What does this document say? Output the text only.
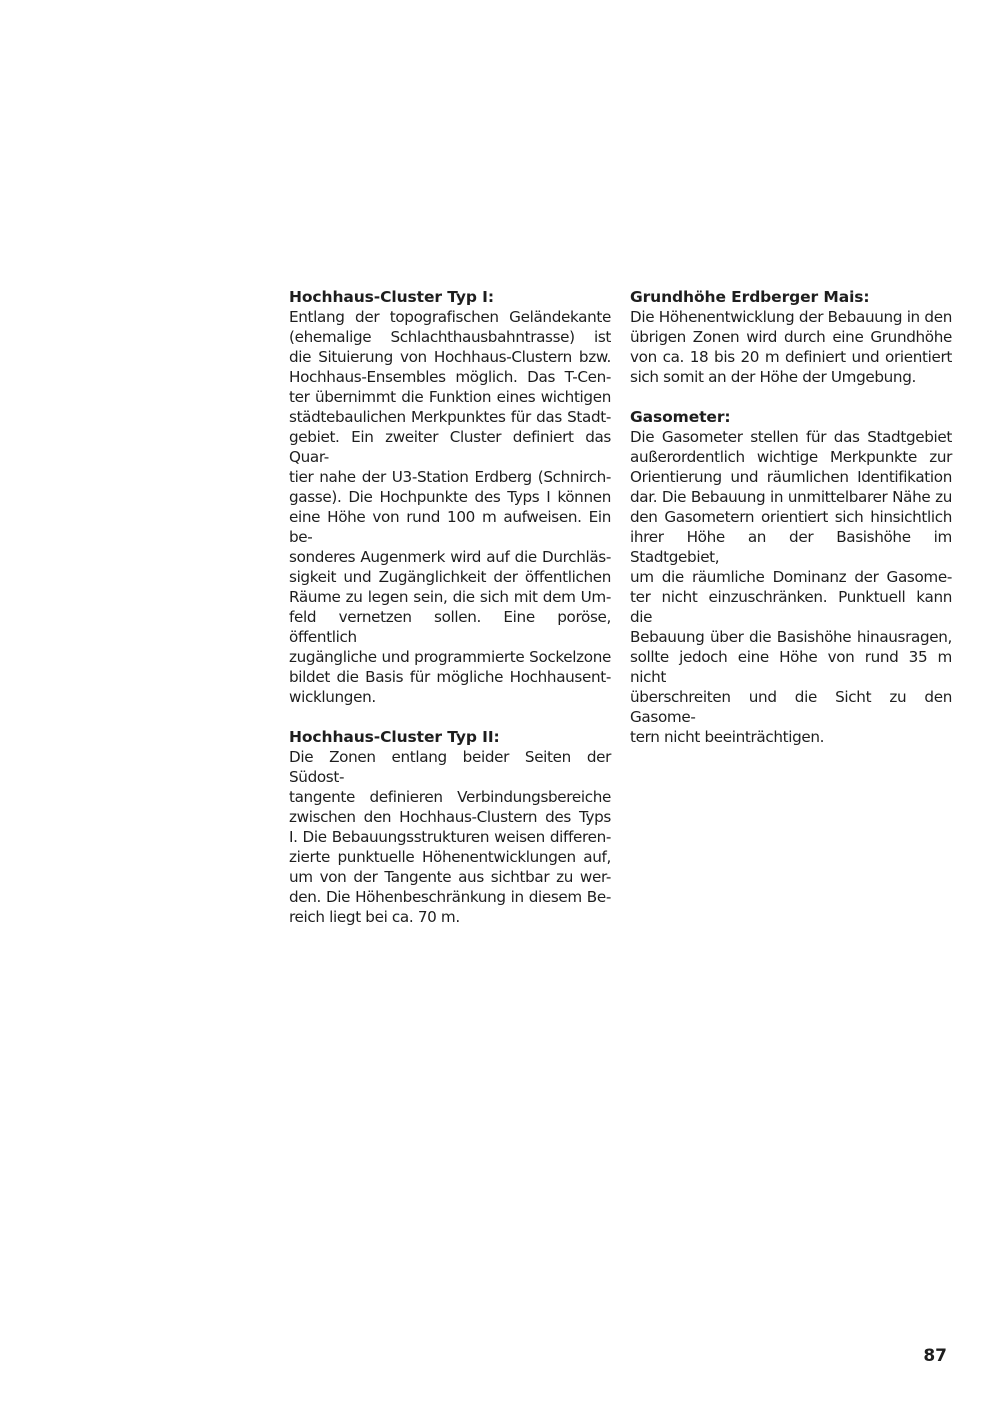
Hochhaus-Cluster Typ I:
Entlang der topografischen Geländekante
(ehemalige Schlachthausbahntrasse) ist
die Situierung von Hochhaus-Clustern bzw.
Hochhaus-Ensembles möglich. Das T-Cen-
ter übernimmt die Funktion eines wichtigen
städtebaulichen Merkpunktes für das Stadt-
gebiet. Ein zweiter Cluster definiert das Quar-
tier nahe der U3-Station Erdberg (Schnirch-
gasse). Die Hochpunkte des Typs I können
eine Höhe von rund 100 m aufweisen. Ein be-
sonderes Augenmerk wird auf die Durchläs-
sigkeit und Zugänglichkeit der öffentlichen
Räume zu legen sein, die sich mit dem Um-
feld vernetzen sollen. Eine poröse, öffentlich
zugängliche und programmierte Sockelzone
bildet die Basis für mögliche Hochhausent-
wicklungen.
Hochhaus-Cluster Typ II:
Die Zonen entlang beider Seiten der Südost-
tangente definieren Verbindungsbereiche
zwischen den Hochhaus-Clustern des Typs
I. Die Bebauungsstrukturen weisen differen-
zierte punktuelle Höhenentwicklungen auf,
um von der Tangente aus sichtbar zu wer-
den. Die Höhenbeschränkung in diesem Be-
reich liegt bei ca. 70 m.
Grundhöhe Erdberger Mais:
Die Höhenentwicklung der Bebauung in den
übrigen Zonen wird durch eine Grundhöhe
von ca. 18 bis 20 m definiert und orientiert
sich somit an der Höhe der Umgebung.
Gasometer:
Die Gasometer stellen für das Stadtgebiet
außerordentlich wichtige Merkpunkte zur
Orientierung und räumlichen Identifikation
dar. Die Bebauung in unmittelbarer Nähe zu
den Gasometern orientiert sich hinsichtlich
ihrer Höhe an der Basishöhe im Stadtgebiet,
um die räumliche Dominanz der Gasome-
ter nicht einzuschränken. Punktuell kann die
Bebauung über die Basishöhe hinausragen,
sollte jedoch eine Höhe von rund 35 m nicht
überschreiten und die Sicht zu den Gasome-
tern nicht beeinträchtigen.
87
